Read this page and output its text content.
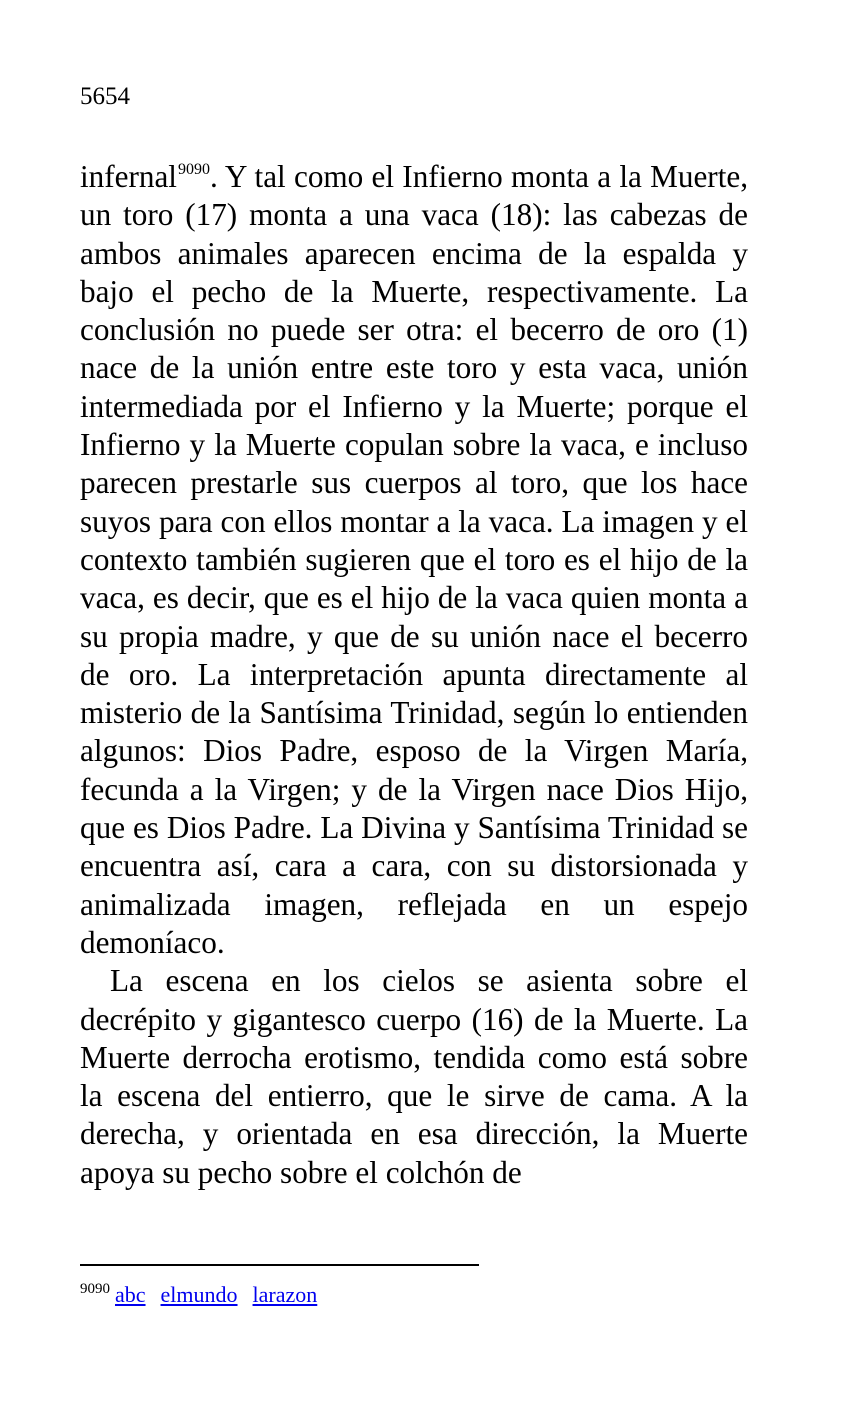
5654

infernal$^{9090}$. Y tal como el Infierno monta a la Muerte, un toro (17) monta a una vaca (18): las cabezas de ambos animales aparecen encima de la espalda y bajo el pecho de la Muerte, respectivamente. La conclusión no puede ser otra: el becerro de oro (1) nace de la unión entre este toro y esta vaca, unión intermediada por el Infierno y la Muerte; porque el Infierno y la Muerte copulan sobre la vaca, e incluso parecen prestarle sus cuerpos al toro, que los hace suyos para con ellos montar a la vaca. La imagen y el contexto también sugieren que el toro es el hijo de la vaca, es decir, que es el hijo de la vaca quien monta a su propia madre, y que de su unión nace el becerro de oro. La interpretación apunta directamente al misterio de la Santísima Trinidad, según lo entienden algunos: Dios Padre, esposo de la Virgen María, fecunda a la Virgen; y de la Virgen nace Dios Hijo, que es Dios Padre. La Divina y Santísima Trinidad se encuentra así, cara a cara, con su distorsionada y animalizada imagen, reflejada en un espejo demoníaco.

La escena en los cielos se asienta sobre el decrépito y gigantesco cuerpo (16) de la Muerte. La Muerte derrocha erotismo, tendida como está sobre la escena del entierro, que le sirve de cama. A la derecha, y orientada en esa dirección, la Muerte apoya su pecho sobre el colchón de

$^{9090}$ abc elmundo larazon
